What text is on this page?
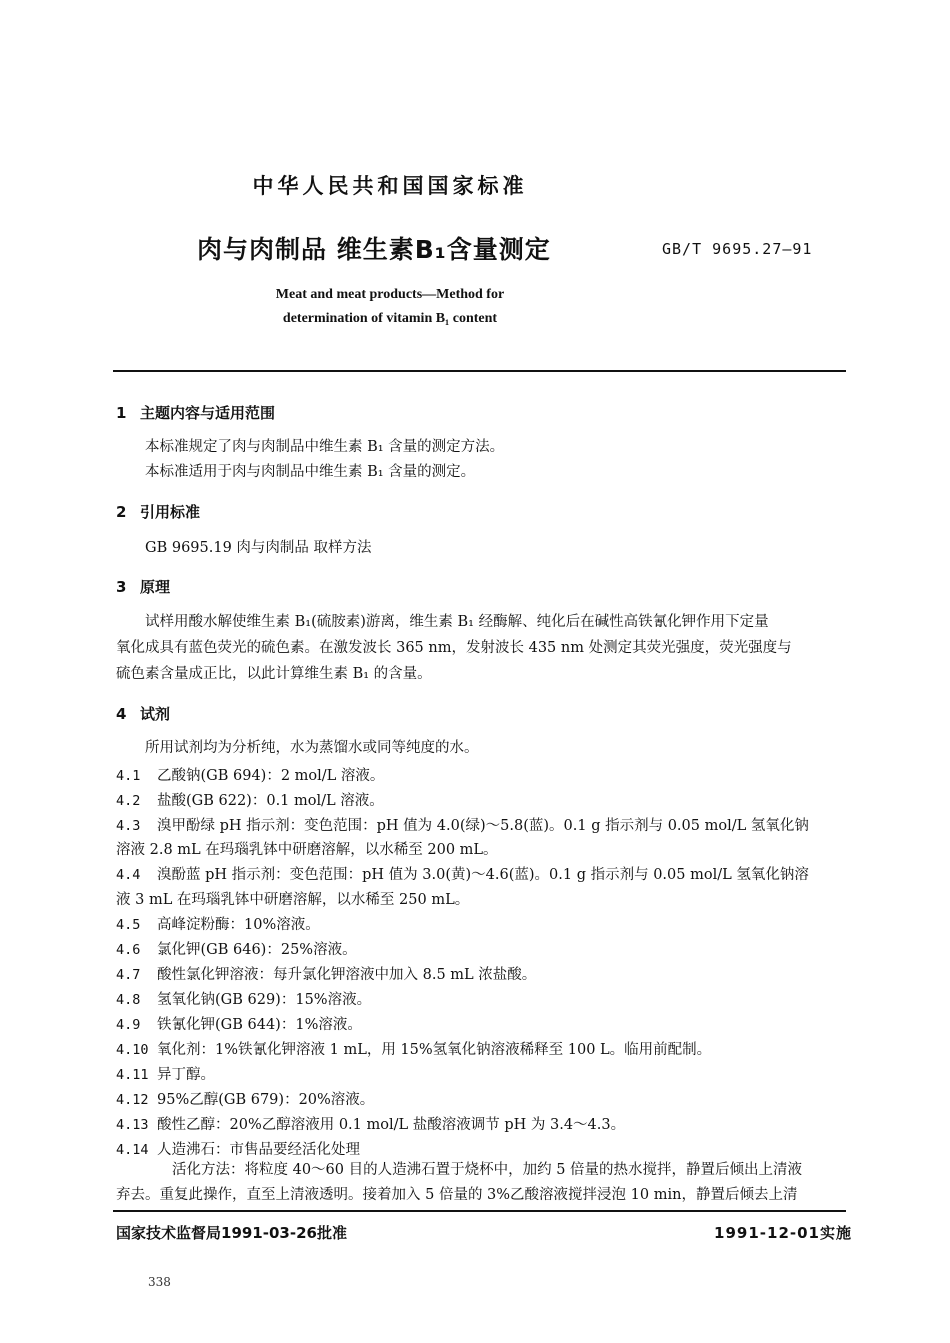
中华人民共和国国家标准
肉与肉制品 维生素B₁含量测定	GB/T 9695.27—91
Meat and meat products—Method for
determination of vitamin B₁ content
1 主题内容与适用范围
本标准规定了肉与肉制品中维生素 B₁ 含量的测定方法。
本标准适用于肉与肉制品中维生素 B₁ 含量的测定。
2 引用标准
GB 9695.19 肉与肉制品 取样方法
3 原理
试样用酸水解使维生素 B₁(硫胺素)游离，维生素 B₁ 经酶解、纯化后在碱性高铁氰化钾作用下定量
氧化成具有蓝色荧光的硫色素。在激发波长 365 nm，发射波长 435 nm 处测定其荧光强度，荧光强度与
硫色素含量成正比，以此计算维生素 B₁ 的含量。
4 试剂
所用试剂均为分析纯，水为蒸馏水或同等纯度的水。
4.1 乙酸钠(GB 694)：2 mol/L 溶液。
4.2 盐酸(GB 622)：0.1 mol/L 溶液。
4.3 溴甲酚绿 pH 指示剂：变色范围：pH 值为 4.0(绿)～5.8(蓝)。0.1 g 指示剂与 0.05 mol/L 氢氧化钠
溶液 2.8 mL 在玛瑙乳钵中研磨溶解，以水稀至 200 mL。
4.4 溴酚蓝 pH 指示剂：变色范围：pH 值为 3.0(黄)～4.6(蓝)。0.1 g 指示剂与 0.05 mol/L 氢氧化钠溶
液 3 mL 在玛瑙乳钵中研磨溶解，以水稀至 250 mL。
4.5 高峰淀粉酶：10%溶液。
4.6 氯化钾(GB 646)：25%溶液。
4.7 酸性氯化钾溶液：每升氯化钾溶液中加入 8.5 mL 浓盐酸。
4.8 氢氧化钠(GB 629)：15%溶液。
4.9 铁氰化钾(GB 644)：1%溶液。
4.10 氧化剂：1%铁氰化钾溶液 1 mL，用 15%氢氧化钠溶液稀释至 100 L。临用前配制。
4.11 异丁醇。
4.12 95%乙醇(GB 679)：20%溶液。
4.13 酸性乙醇：20%乙醇溶液用 0.1 mol/L 盐酸溶液调节 pH 为 3.4～4.3。
4.14 人造沸石：市售品要经活化处理
活化方法：将粒度 40～60 目的人造沸石置于烧杯中，加约 5 倍量的热水搅拌，静置后倾出上清液
弃去。重复此操作，直至上清液透明。接着加入 5 倍量的 3%乙酸溶液搅拌浸泡 10 min，静置后倾去上清
国家技术监督局1991-03-26批准	1991-12-01实施
338
